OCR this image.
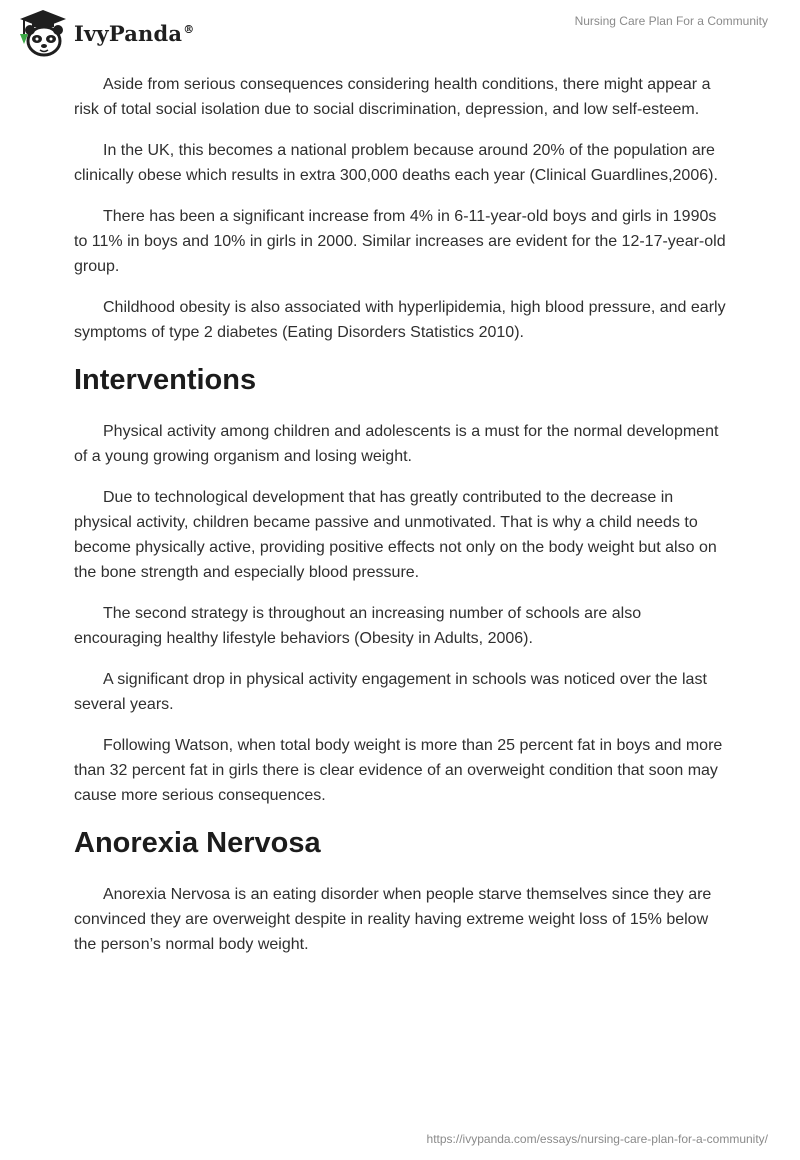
IvyPanda®
Nursing Care Plan For a Community

Aside from serious consequences considering health conditions, there might appear a risk of total social isolation due to social discrimination, depression, and low self-esteem.

In the UK, this becomes a national problem because around 20% of the population are clinically obese which results in extra 300,000 deaths each year (Clinical Guardlines,2006).

There has been a significant increase from 4% in 6-11-year-old boys and girls in 1990s to 11% in boys and 10% in girls in 2000. Similar increases are evident for the 12-17-year-old group.

Childhood obesity is also associated with hyperlipidemia, high blood pressure, and early symptoms of type 2 diabetes (Eating Disorders Statistics 2010).

Interventions

Physical activity among children and adolescents is a must for the normal development of a young growing organism and losing weight.

Due to technological development that has greatly contributed to the decrease in physical activity, children became passive and unmotivated. That is why a child needs to become physically active, providing positive effects not only on the body weight but also on the bone strength and especially blood pressure.

The second strategy is throughout an increasing number of schools are also encouraging healthy lifestyle behaviors (Obesity in Adults, 2006).

A significant drop in physical activity engagement in schools was noticed over the last several years.

Following Watson, when total body weight is more than 25 percent fat in boys and more than 32 percent fat in girls there is clear evidence of an overweight condition that soon may cause more serious consequences.

Anorexia Nervosa

Anorexia Nervosa is an eating disorder when people starve themselves since they are convinced they are overweight despite in reality having extreme weight loss of 15% below the person’s normal body weight.

https://ivypanda.com/essays/nursing-care-plan-for-a-community/
